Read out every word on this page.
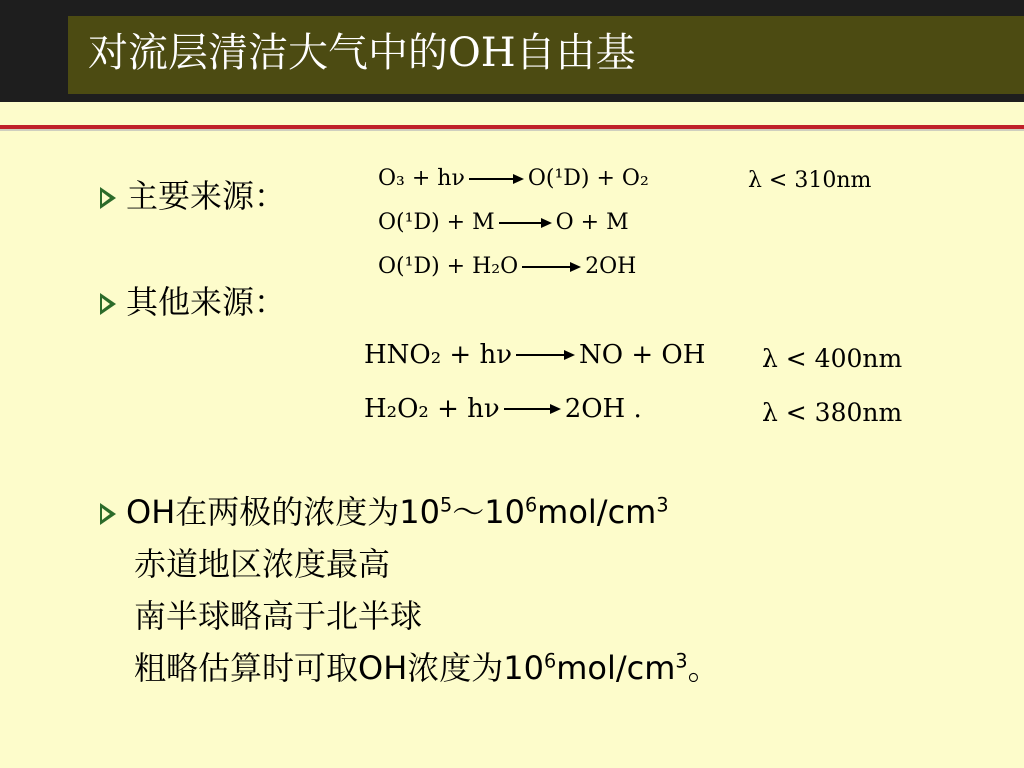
对流层清洁大气中的OH自由基
主要来源：	O₃ + hν	O(¹D) + O₂	λ < 310nm
O(¹D) + M	O + M
O(¹D) + H₂O	2OH
其他来源：
HNO₂ + hν	NO + OH λ < 400nm
H₂O₂ + hν	2OH .	λ < 380nm
OH在两极的浓度为$10^5\sim 10^6mol/cm^3$
赤道地区浓度最高
南半球略高于北半球
粗略估算时可取OH浓度为$10^6mol/cm^3$。
